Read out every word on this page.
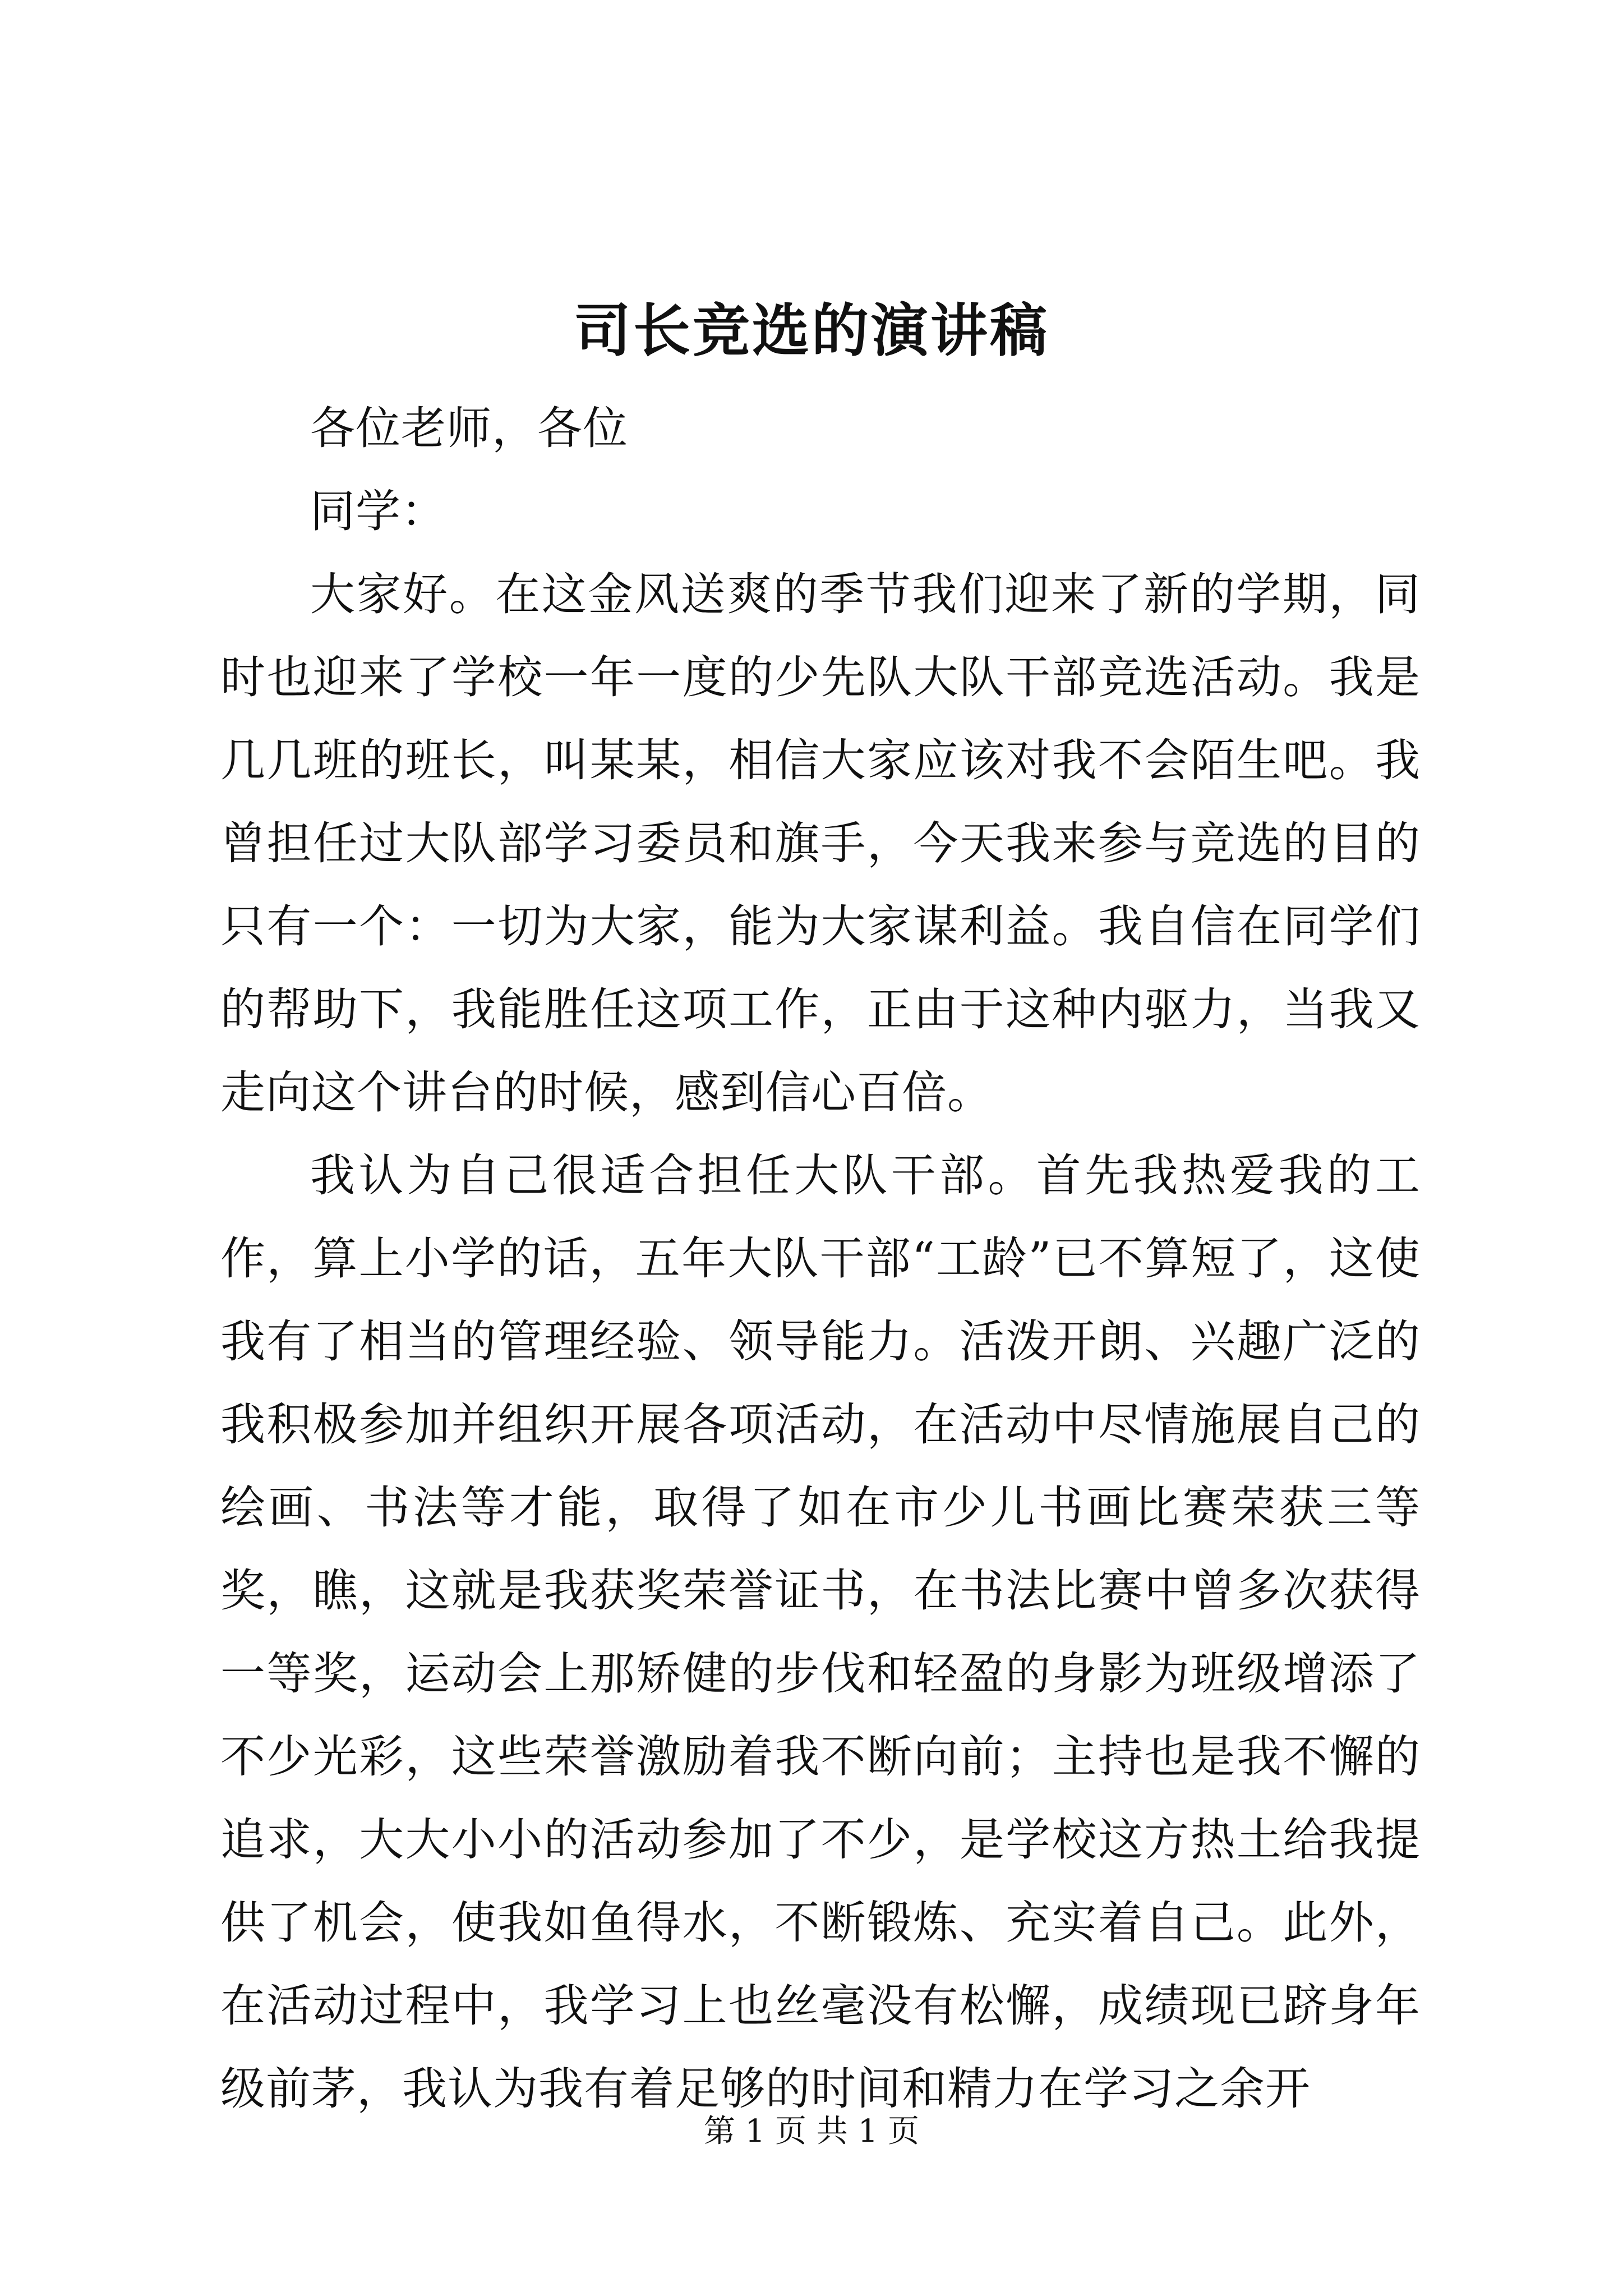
司长竞选的演讲稿

各位老师，各位

同学：

大家好。在这金风送爽的季节我们迎来了新的学期，同时也迎来了学校一年一度的少先队大队干部竞选活动。我是几几班的班长，叫某某，相信大家应该对我不会陌生吧。我曾担任过大队部学习委员和旗手，今天我来参与竞选的目的只有一个：一切为大家，能为大家谋利益。我自信在同学们的帮助下，我能胜任这项工作，正由于这种内驱力，当我又走向这个讲台的时候，感到信心百倍。

我认为自己很适合担任大队干部。首先我热爱我的工作，算上小学的话，五年大队干部“工龄”已不算短了，这使我有了相当的管理经验、领导能力。活泼开朗、兴趣广泛的我积极参加并组织开展各项活动，在活动中尽情施展自己的绘画、书法等才能，取得了如在市少儿书画比赛荣获三等奖，瞧，这就是我获奖荣誉证书，在书法比赛中曾多次获得一等奖，运动会上那矫健的步伐和轻盈的身影为班级增添了不少光彩，这些荣誉激励着我不断向前；主持也是我不懈的追求，大大小小的活动参加了不少，是学校这方热土给我提供了机会，使我如鱼得水，不断锻炼、充实着自己。此外，在活动过程中，我学习上也丝毫没有松懈，成绩现已跻身年级前茅，我认为我有着足够的时间和精力在学习之余开

第 1 页 共 1 页
